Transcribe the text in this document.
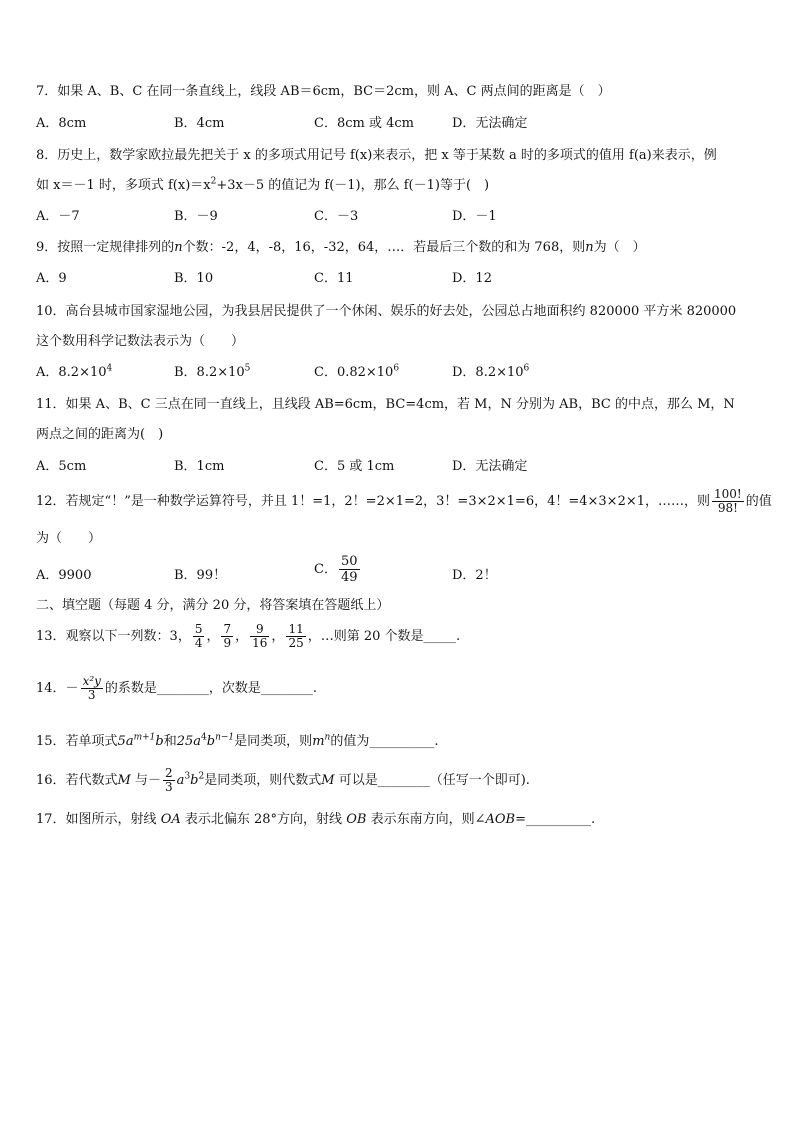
7．如果 A、B、C 在同一条直线上，线段 AB＝6cm，BC＝2cm，则 A、C 两点间的距离是（　）
A．8cm	B．4cm	C．8cm 或 4cm	D．无法确定
8．历史上，数学家欧拉最先把关于 x 的多项式用记号 f(x)来表示，把 x 等于某数 a 时的多项式的值用 f(a)来表示，例
如 x＝－1 时，多项式 $f(x)=x^2+3x-5$ 的值记为 f(－1)，那么 f(－1)等于(　)
A．－7	B．－9	C．－3	D．－1
9．按照一定规律排列的n个数：-2，4，-8，16，-32，64，…．若最后三个数的和为 768，则n为（　）
A．9	B．10	C．11	D．12
10．高台县城市国家湿地公园，为我县居民提供了一个休闲、娱乐的好去处，公园总占地面积约 820000 平方米 820000
这个数用科学记数法表示为（　　）
A．$8.2\times 10^4$	B．$8.2\times 10^5$	C．$0.82\times 10^6$	D．$8.2\times 10^6$
11．如果 A、B、C 三点在同一直线上，且线段 AB=6cm，BC=4cm，若 M，N 分别为 AB，BC 的中点，那么 M，N
两点之间的距离为(　)
A．5cm	B．1cm	C．5 或 1cm	D．无法确定
12．若规定“！”是一种数学运算符号，并且 1！=1，2！=2×1=2，3！=3×2×1=6，4！=4×3×2×1，……，则 $\frac{100!}{98!}$ 的值
为（　　）
A．9900	B．99！	C． $\frac{50}{49}$	D．2！
二、填空题（每题 4 分，满分 20 分，将答案填在答题纸上）
13．观察以下一列数：3， $\frac{5}{4}$ ， $\frac{7}{9}$ ， $\frac{9}{16}$ ， $\frac{11}{25}$ ，…则第 20 个数是_____.
14．－ $\frac{\text{x²y}}{3}$ 的系数是________，次数是________.
15．若单项式$5a^{m+1}b$和$25a^4b^{n-1}$是同类项，则$m^n$的值为__________.
16．若代数式M 与－ $\frac{2}{3} a^3b^2$是同类项，则代数式M 可以是________（任写一个即可).
17．如图所示，射线 OA 表示北偏东 28°方向，射线 OB 表示东南方向，则∠AOB=__________.
